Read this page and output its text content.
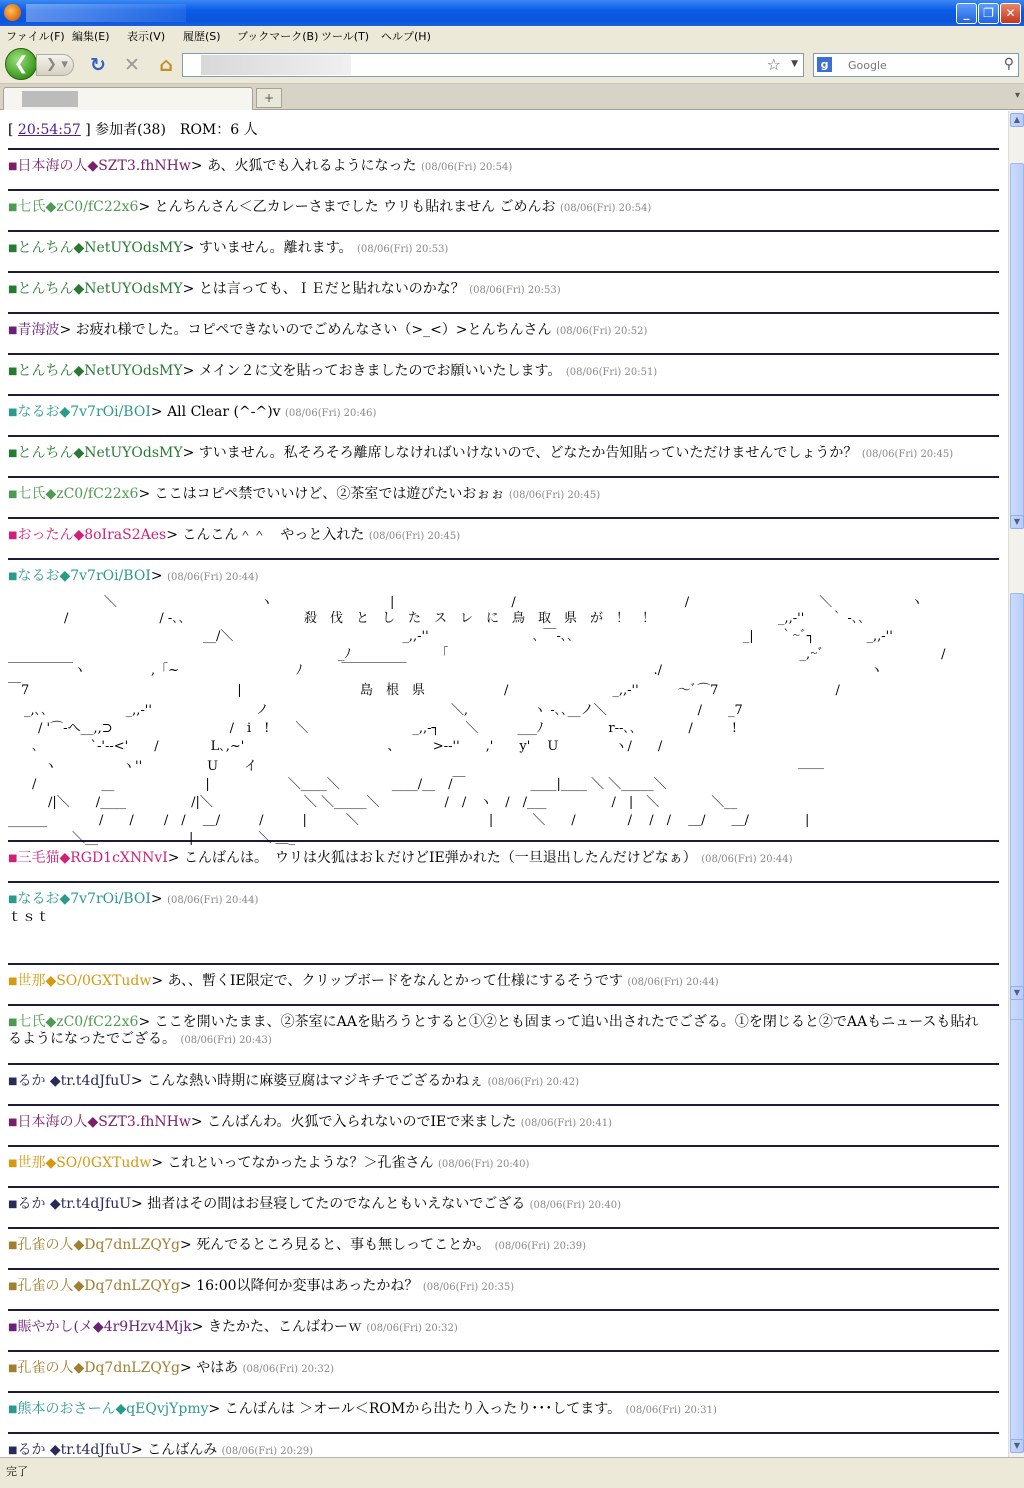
_	❐ ✕
ファイル(F) 編集(E) 表示(V) 履歴(S) ブックマーク(B) ツール(T) ヘルプ(H)
❮	❯ ▾	↻ ✕ ⌂	☆ ▼	g
Google	⚲
+	▾
[ 20:54:57 ] 参加者(38)　ROM：6 人
■日本海の人◆SZT3.fhNHw> あ、火狐でも入れるようになった (08/06(Fri) 20:54)
■七氏◆zC0/fC22x6> とんちんさん＜乙カレーさまでした ウリも貼れません ごめんお (08/06(Fri) 20:54)
■とんちん◆NetUYOdsMY> すいません。離れます。 (08/06(Fri) 20:53)
■とんちん◆NetUYOdsMY> とは言っても、ＩＥだと貼れないのかな？ (08/06(Fri) 20:53)
■青海波> お疲れ様でした。コピペできないのでごめんなさい（>_<）>とんちんさん (08/06(Fri) 20:52)
■とんちん◆NetUYOdsMY> メイン２に文を貼っておきましたのでお願いいたします。 (08/06(Fri) 20:51)
■なるお◆7v7rOi/BOI> All Clear (^-^)v (08/06(Fri) 20:46)
■とんちん◆NetUYOdsMY> すいません。私そろそろ離席しなければいけないので、どなたか告知貼っていただけませんでしょうか？ (08/06(Fri) 20:45)
■七氏◆zC0/fC22x6> ここはコピペ禁でいいけど、②茶室では遊びたいおぉぉ (08/06(Fri) 20:45)
■おったん◆8oIraS2Aes> こんこん＾＾　やっと入れた (08/06(Fri) 20:45)
■なるお◆7v7rOi/BOI> (08/06(Fri) 20:44)
■三毛猫◆RGD1cXNNvI> こんばんは。　ウリは火狐はおｋだけどIE弾かれた（一旦退出したんだけどなぁ） (08/06(Fri) 20:44)
■なるお◆7v7rOi/BOI> (08/06(Fri) 20:44)
ｔｓｔ
■世那◆SO/0GXTudw> あ、、暫くIE限定で、クリップボードをなんとかって仕様にするそうです (08/06(Fri) 20:44)
■七氏◆zC0/fC22x6> ここを開いたまま、②茶室にAAを貼ろうとすると①②とも固まって追い出されたでござる。①を閉じると②でAAもニュースも貼れ
るようになったでござる。 (08/06(Fri) 20:43)
■るか ◆tr.t4dJfuU> こんな熱い時期に麻婆豆腐はマジキチでござるかねぇ (08/06(Fri) 20:42)
■日本海の人◆SZT3.fhNHw> こんばんわ。火狐で入られないのでIEで来ました (08/06(Fri) 20:41)
■世那◆SO/0GXTudw> これといってなかったような？＞孔雀さん (08/06(Fri) 20:40)
■るか ◆tr.t4dJfuU> 拙者はその間はお昼寝してたのでなんともいえないでござる (08/06(Fri) 20:40)
■孔雀の人◆Dq7dnLZQYg> 死んでるところ見ると、事も無しってことか。 (08/06(Fri) 20:39)
■孔雀の人◆Dq7dnLZQYg> 16:00以降何か変事はあったかね？ (08/06(Fri) 20:35)
■賑やかし(メ◆4r9Hzv4Mjk> きたかた、こんばわーｗ (08/06(Fri) 20:32)
■孔雀の人◆Dq7dnLZQYg> やはあ (08/06(Fri) 20:32)
■熊本のおさーん◆qEQvjYpmy> こんばんは ＞オール＜ROMから出たり入ったり･･･してます。 (08/06(Fri) 20:31)
■るか ◆tr.t4dJfuU> こんばんみ (08/06(Fri) 20:29)
＼　　　　　　　　　　　ヽ　　　　　　　　　|　　　　　　　　　/　　　　　　　　　　　　　/　　　　　　　　　　＼　　　　　　ヽ
/　　　　　　　/ -､､	殺　伐　と　し　た　ス　レ　に　鳥　取　県　が　！　！	_,,-''　　｀ -､､
__/＼　　　　　　　　　　　　　_,,-''　　　　　　　　､ ￣-､､　　　　　　　　　　　　　_|　　｀~ﾞ┐　　　　_,,-''
_ﾉ　　　　　　　｢　　　　　　　　　　　　　　　　　　　　　　　　　　　_,~ﾞ　　　　　　　　　/
￣￣￣￣￣ヽ　　　　　,「~　　　　　　　　　ﾉ　　　￣￣￣￣￣　　　　　　　　　　　　　　　　　　　./　　　　　　　　　　　　　　　　ヽ
￣7　　　　　　　　　　　　　　　　|	島　根　県	/　　　　　　　　_,,-''　　　～ﾞ⌒7　　　　　　　　　/
_,､､　　　　　　_,,-''　　　　　　　　ノ　　　　　　　　　　　　　　＼,　　　　　ヽ -､､__ノ＼　　　　　　　/　　_7
/ '⌒-へ__,,⊃　　　　　　　　　/　i　!　　＼　　　　　　　　_,,-┐　　＼　　　___ﾉ　　　　　r--､､　　　　/　　　!
､　　　　`-'--<'　　/　　　　L､,~'　　　　　　　　　　　、　　　>--''　　,'　　y'　 U　　　　 ヽ/　　/
ヽ　　　　　ヽ''　　　　　U　　イ	____
/　　　　　__　　　　　　　|　　　　　　＼____＼　　　　____/__　/￣　　　　　____|____ ＼ ＼_____＼
/|＼　　/____　　　　　/|＼　　　　　　　＼ ＼_____＼　　　　　/　/　ヽ　/　/___　　　　　/　|　＼　　　　＼__
______　　　　/　　/　　 /　/　 ＿/　　　/　　　|　　　＼　　　　　　　　　　|　　　＼　　/　　　　/　 /　/　 ＿/　　＿/　　　　 |
＼__　　　　　　　|　　　　　＼ ＿_
▲
▼
▼
▼
完了
